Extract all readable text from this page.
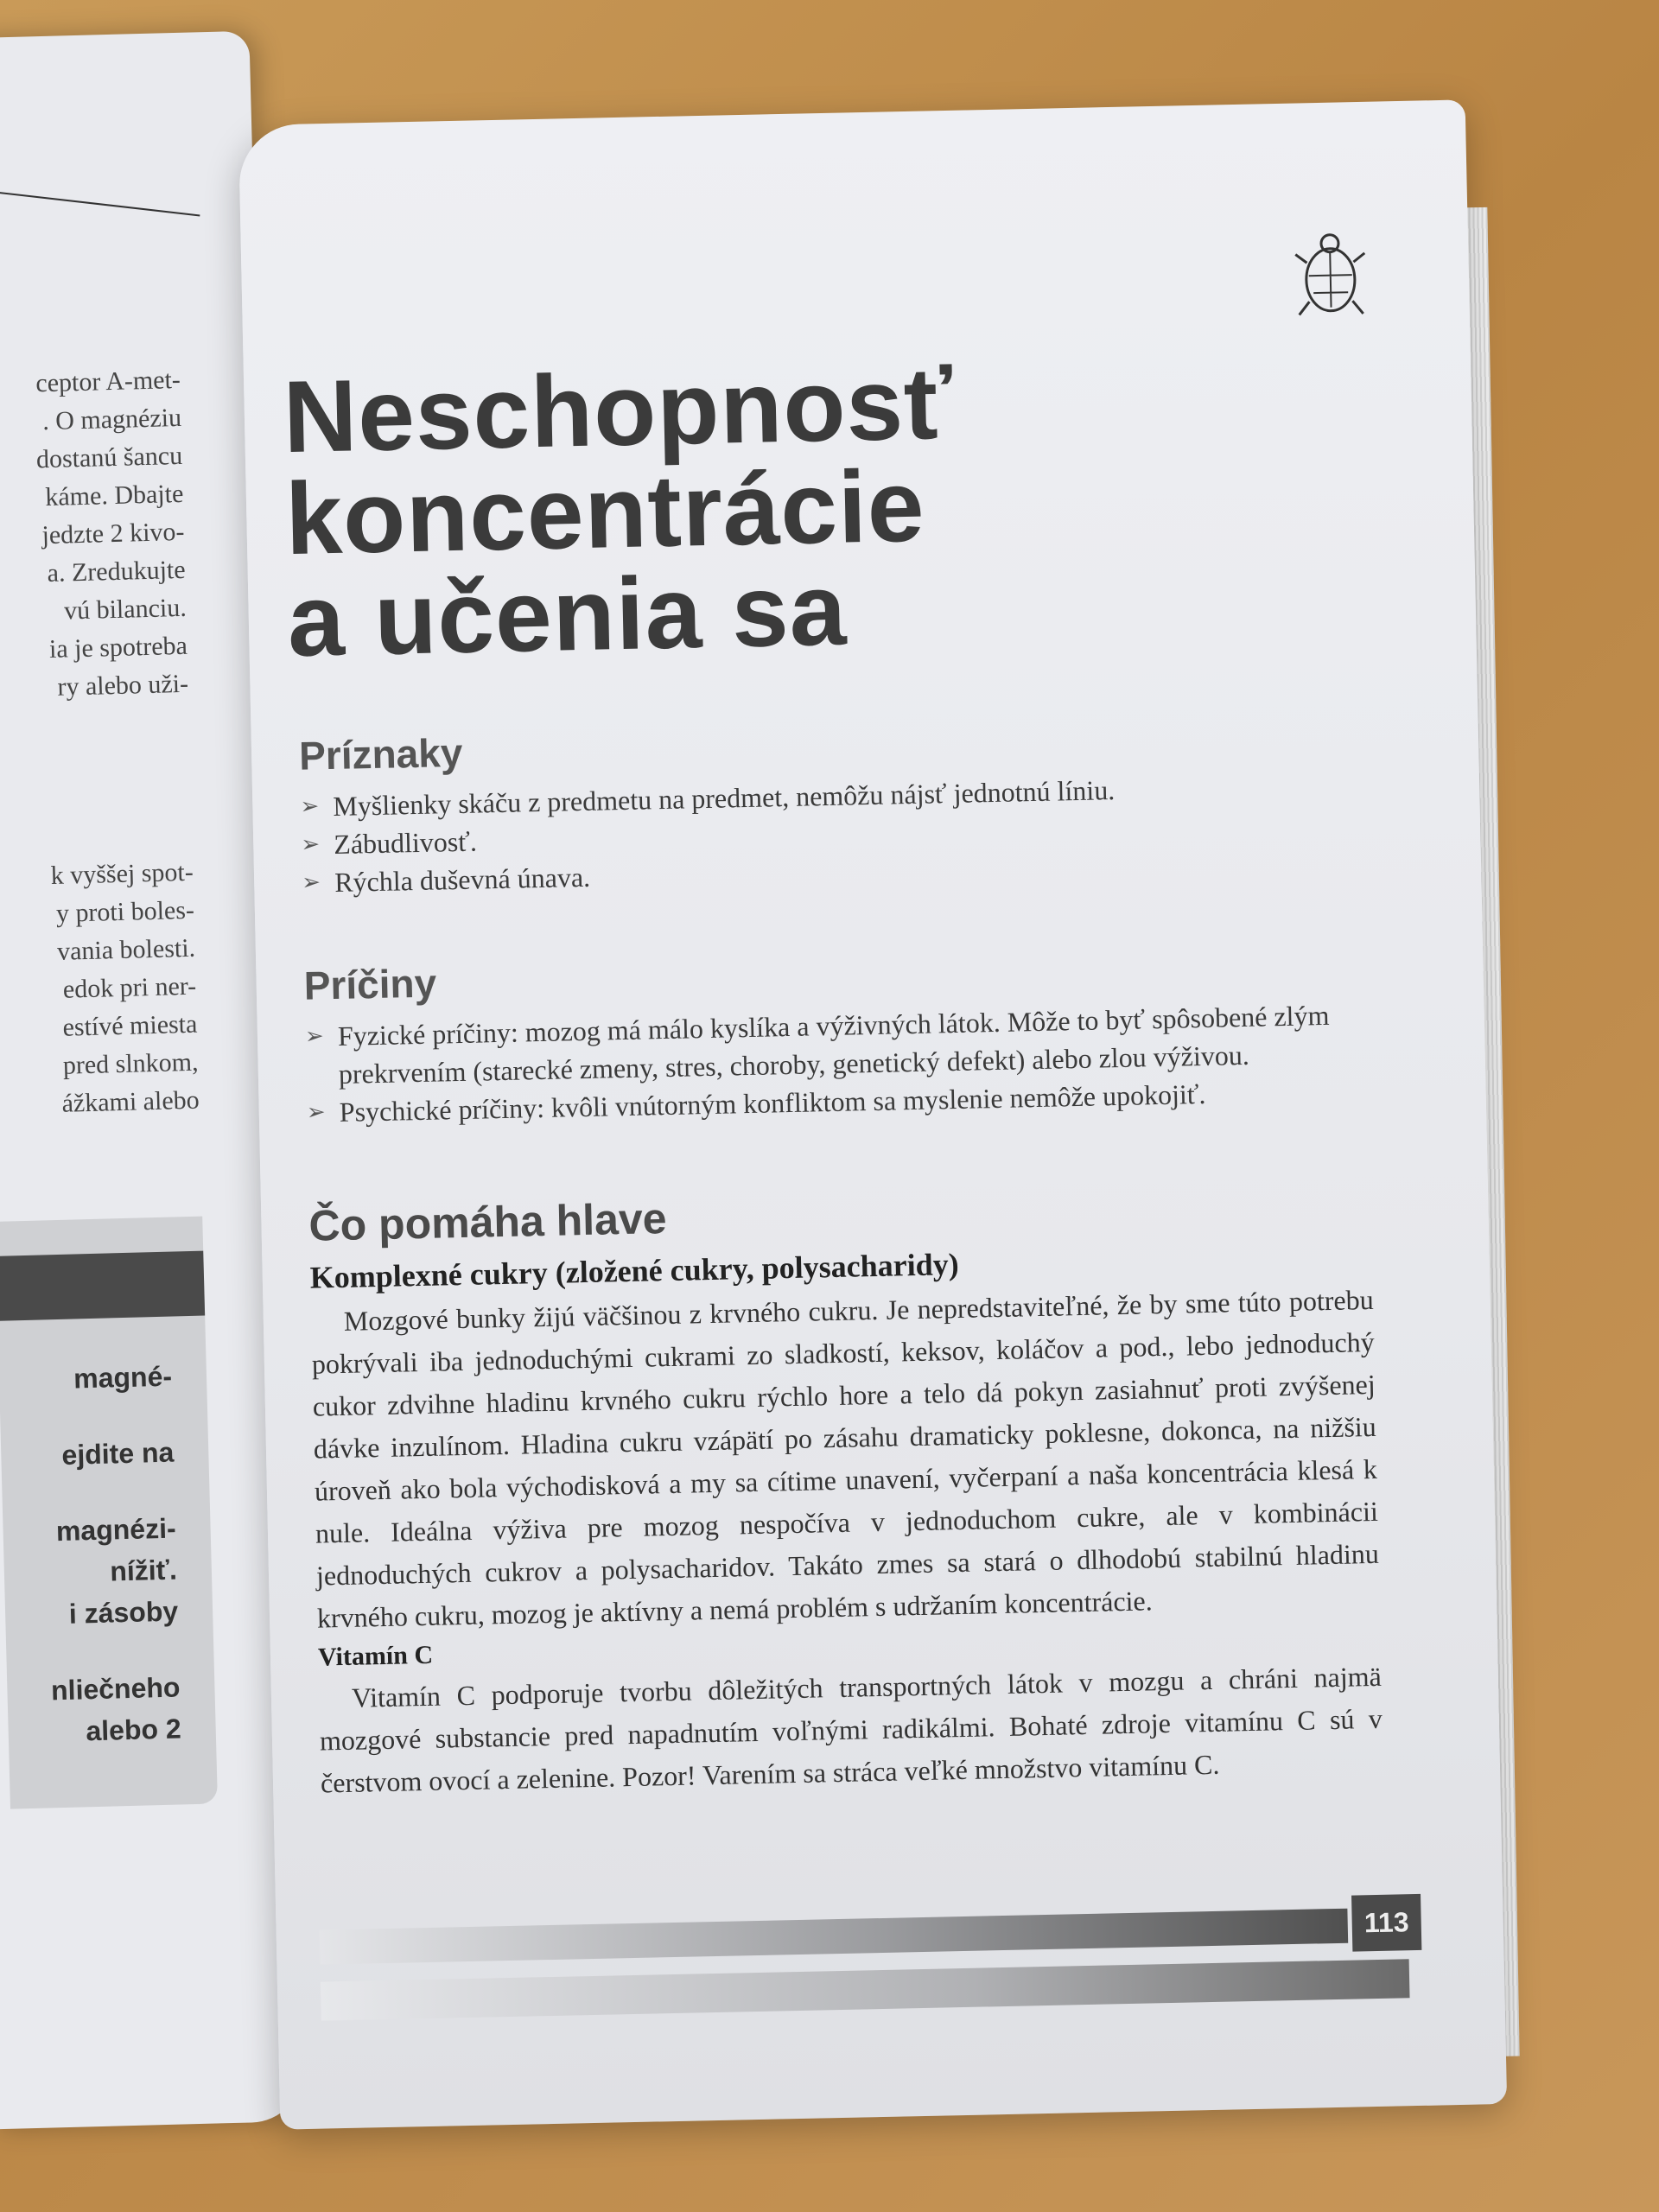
ceptor A-met-
. O magnéziu
dostanú šancu
káme. Dbajte
jedzte 2 kivo-
a. Zredukujte
vú bilanciu.
ia je spotreba
ry alebo uži-
k vyššej spot-
y proti boles-
vania bolesti.
edok pri ner-
estívé miesta
pred slnkom,
ážkami alebo
magné-
ejdite na
magnézi-
nížiť.
i zásoby
nliečneho
alebo 2
Neschopnosť
koncentrácie
a učenia sa
Príznaky
➢ Myšlienky skáču z predmetu na predmet, nemôžu nájsť jednotnú líniu.
➢ Zábudlivosť.
➢ Rýchla duševná únava.
Príčiny
➢ Fyzické príčiny: mozog má málo kyslíka a výživných látok. Môže to byť spôsobené zlým prekrvením (starecké zmeny, stres, choroby, genetický defekt) alebo zlou výživou.
➢ Psychické príčiny: kvôli vnútorným konfliktom sa myslenie nemôže upokojiť.
Čo pomáha hlave
Komplexné cukry (zložené cukry, polysacharidy)

Mozgové bunky žijú väčšinou z krvného cukru. Je nepredstaviteľné, že by sme túto potrebu pokrývali iba jednoduchými cukrami zo sladkostí, keksov, koláčov a pod., lebo jednoduchý cukor zdvihne hladinu krvného cukru rýchlo hore a telo dá pokyn zasiahnuť proti zvýšenej dávke inzulínom. Hladina cukru vzápätí po zásahu dramaticky poklesne, dokonca, na nižšiu úroveň ako bola východisková a my sa cítime unavení, vyčerpaní a naša koncentrácia klesá k nule. Ideálna výživa pre mozog nespočíva v jednoduchom cukre, ale v kombinácii jednoduchých cukrov a polysacharidov. Takáto zmes sa stará o dlhodobú stabilnú hladinu krvného cukru, mozog je aktívny a nemá problém s udržaním koncentrácie.

Vitamín C

Vitamín C podporuje tvorbu dôležitých transportných látok v mozgu a chráni najmä mozgové substancie pred napadnutím voľnými radikálmi. Bohaté zdroje vitamínu C sú v čerstvom ovocí a zelenine. Pozor! Varením sa stráca veľké množstvo vitamínu C.

113
